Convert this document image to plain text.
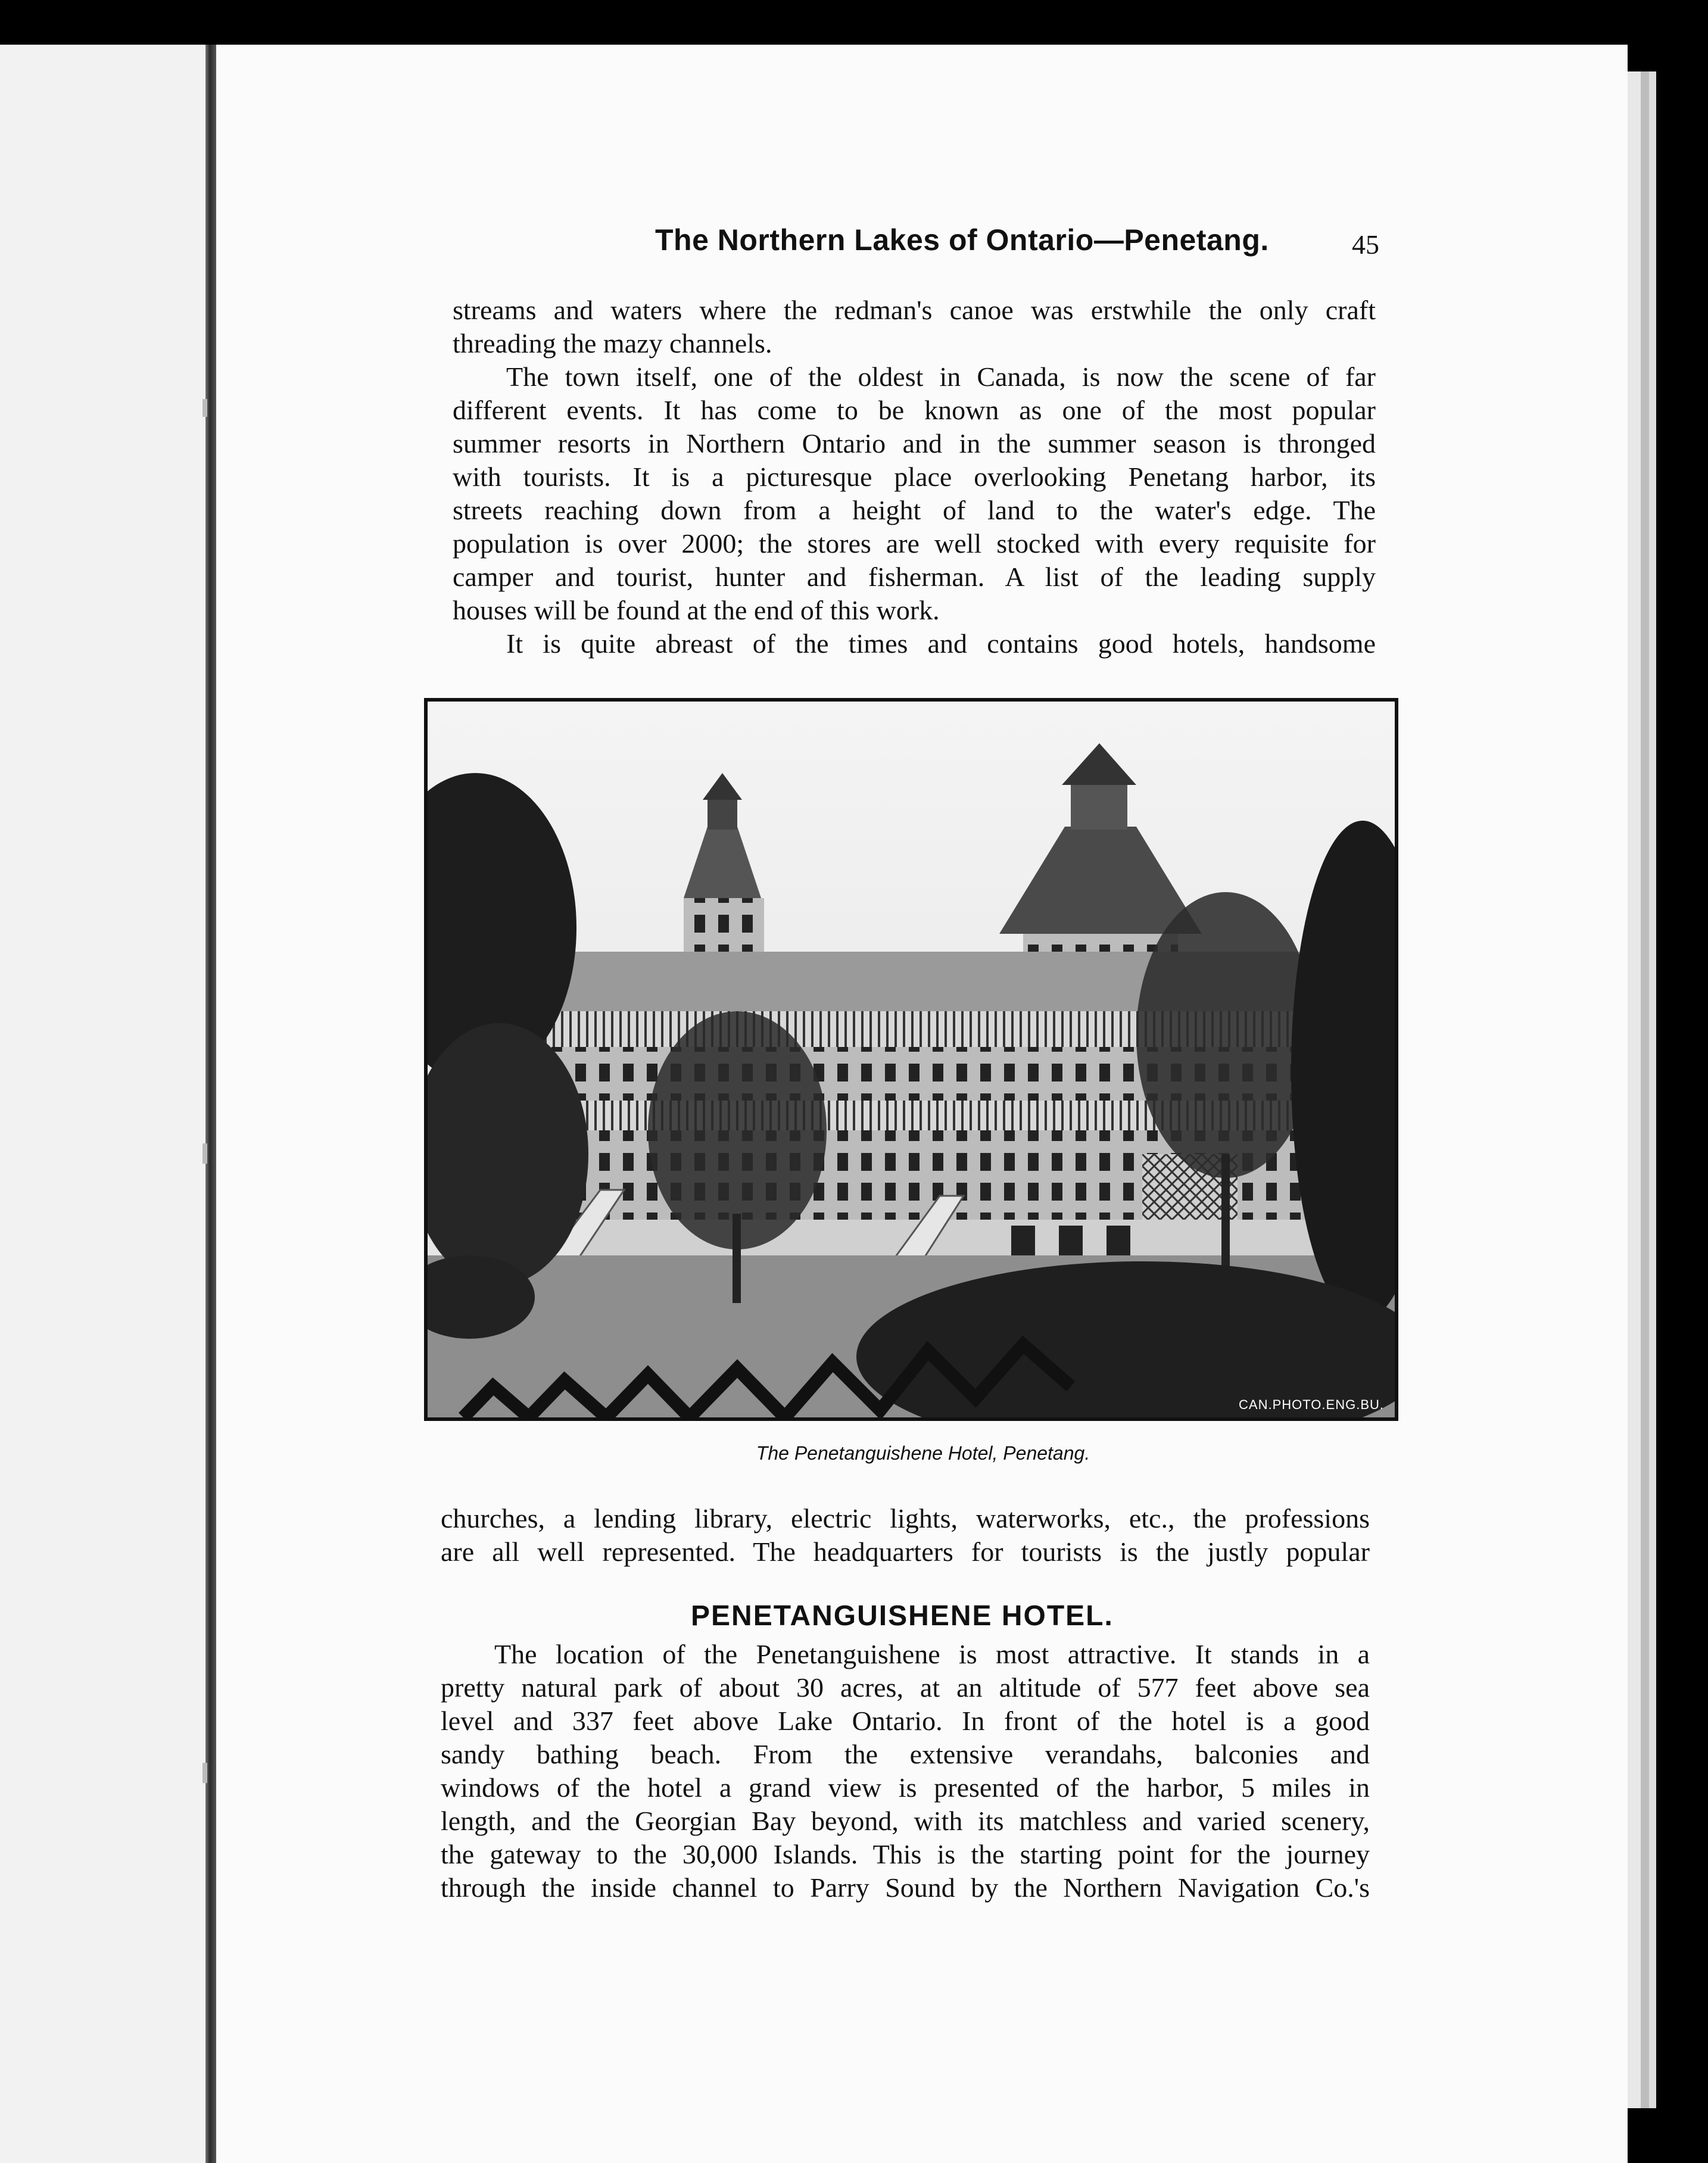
The Northern Lakes of Ontario—Penetang.	45
streams and waters where the redman's canoe was erstwhile the only craft
threading the mazy channels.
The town itself, one of the oldest in Canada, is now the scene of far
different events. It has come to be known as one of the most popular
summer resorts in Northern Ontario and in the summer season is thronged
with tourists. It is a picturesque place overlooking Penetang harbor, its
streets reaching down from a height of land to the water's edge. The
population is over 2000; the stores are well stocked with every requisite for
camper and tourist, hunter and fisherman. A list of the leading supply
houses will be found at the end of this work.
It is quite abreast of the times and contains good hotels, handsome
CAN.PHOTO.ENG.BU.
The Penetanguishene Hotel, Penetang.
churches, a lending library, electric lights, waterworks, etc., the professions
are all well represented. The headquarters for tourists is the justly popular
PENETANGUISHENE HOTEL.
The location of the Penetanguishene is most attractive. It stands in a
pretty natural park of about 30 acres, at an altitude of 577 feet above sea
level and 337 feet above Lake Ontario. In front of the hotel is a good
sandy bathing beach. From the extensive verandahs, balconies and
windows of the hotel a grand view is presented of the harbor, 5 miles in
length, and the Georgian Bay beyond, with its matchless and varied scenery,
the gateway to the 30,000 Islands. This is the starting point for the journey
through the inside channel to Parry Sound by the Northern Navigation Co.'s
